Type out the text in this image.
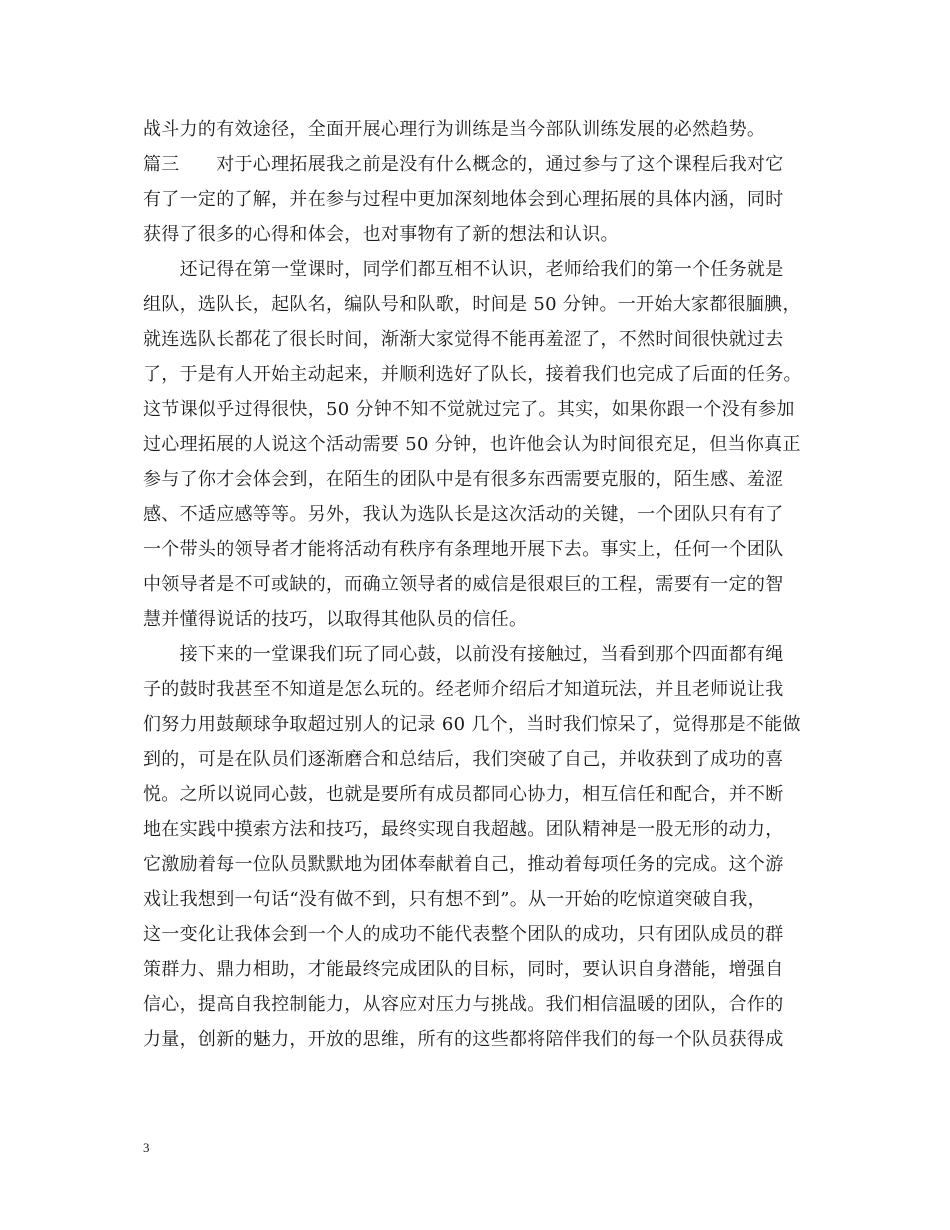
战斗力的有效途径，全面开展心理行为训练是当今部队训练发展的必然趋势。
篇三　　对于心理拓展我之前是没有什么概念的，通过参与了这个课程后我对它
有了一定的了解，并在参与过程中更加深刻地体会到心理拓展的具体内涵，同时
获得了很多的心得和体会，也对事物有了新的想法和认识。
　　还记得在第一堂课时，同学们都互相不认识，老师给我们的第一个任务就是
组队，选队长，起队名，编队号和队歌，时间是 50 分钟。一开始大家都很腼腆，
就连选队长都花了很长时间，渐渐大家觉得不能再羞涩了，不然时间很快就过去
了，于是有人开始主动起来，并顺利选好了队长，接着我们也完成了后面的任务。
这节课似乎过得很快，50 分钟不知不觉就过完了。其实，如果你跟一个没有参加
过心理拓展的人说这个活动需要 50 分钟，也许他会认为时间很充足，但当你真正
参与了你才会体会到，在陌生的团队中是有很多东西需要克服的，陌生感、羞涩
感、不适应感等等。另外，我认为选队长是这次活动的关键，一个团队只有有了
一个带头的领导者才能将活动有秩序有条理地开展下去。事实上，任何一个团队
中领导者是不可或缺的，而确立领导者的威信是很艰巨的工程，需要有一定的智
慧并懂得说话的技巧，以取得其他队员的信任。
　　接下来的一堂课我们玩了同心鼓，以前没有接触过，当看到那个四面都有绳
子的鼓时我甚至不知道是怎么玩的。经老师介绍后才知道玩法，并且老师说让我
们努力用鼓颠球争取超过别人的记录 60 几个，当时我们惊呆了，觉得那是不能做
到的，可是在队员们逐渐磨合和总结后，我们突破了自己，并收获到了成功的喜
悦。之所以说同心鼓，也就是要所有成员都同心协力，相互信任和配合，并不断
地在实践中摸索方法和技巧，最终实现自我超越。团队精神是一股无形的动力，
它激励着每一位队员默默地为团体奉献着自己，推动着每项任务的完成。这个游
戏让我想到一句话“没有做不到，只有想不到”。从一开始的吃惊道突破自我，
这一变化让我体会到一个人的成功不能代表整个团队的成功，只有团队成员的群
策群力、鼎力相助，才能最终完成团队的目标，同时，要认识自身潜能，增强自
信心，提高自我控制能力，从容应对压力与挑战。我们相信温暖的团队，合作的
力量，创新的魅力，开放的思维，所有的这些都将陪伴我们的每一个队员获得成
3
